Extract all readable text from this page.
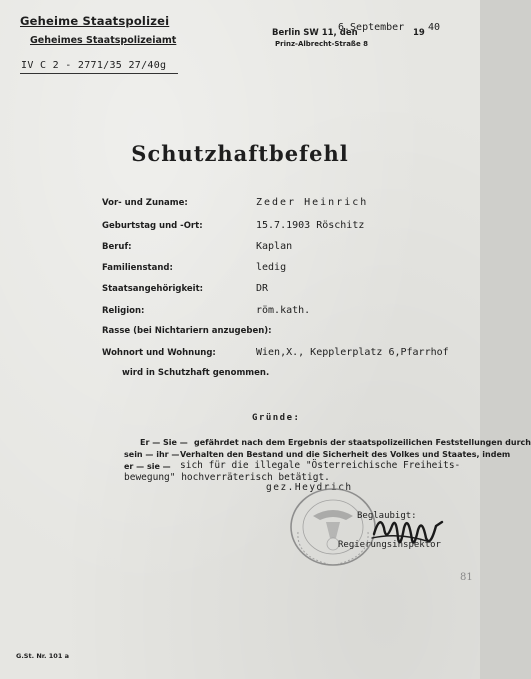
Geheime Staatspolizei
Geheimes Staatspolizeiamt
IV C 2 - 2771/35 27/40g
Berlin SW 11, den
6.September 19 40
Prinz-Albrecht-Straße 8
Schutzhaftbefehl
Vor- und Zuname:	Zeder Heinrich
Geburtstag und -Ort:	15.7.1903 Röschitz
Beruf:	Kaplan
Familienstand:	ledig
Staatsangehörigkeit:	DR
Religion:	röm.kath.
Rasse (bei Nichtariern anzugeben):
Wohnort und Wohnung:	Wien,X., Kepplerplatz 6,Pfarrhof
wird in Schutzhaft genommen.
Gründe:
Er — Sie — gefährdet nach dem Ergebnis der staatspolizeilichen Feststellungen durch
sein — ihr — Verhalten den Bestand und die Sicherheit des Volkes und Staates, indem
er — sie — sich für die illegale "Österreichische Freiheits-
bewegung" hochverräterisch betätigt.
gez.Heydrich
Beglaubigt:
Regierungsinspektor
81
G.St. Nr. 101 a
